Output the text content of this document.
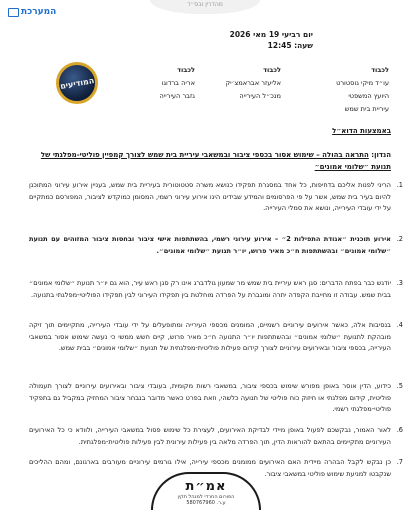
המערכת
מהדרין ובס״ד
יום רביעי 19 מאי 2026
שעה: 12:45
המודיעים
לכבוד
עו״ד מיקי גוסטורט
היועץ המשפטי
עיריית בית שמש
לכבוד
אליעזר אבראמצ׳יק
מנכ״ל העירייה
לכבוד
אריה ברדוגו
גזבר העירייה
באמצעות הדוא״ל
הנדון: התראה בהולה – שימוש אסור בכספי ציבור ובמשאבי עיריית בית שמש לצורך קמפיין פוליטי-מפלגתי של תנועת ״שלומי אמונים״
1.
הריני לפנות אליכם בדחיפות, כל אחד במסגרת תפקידו כנושא משרה סטטוטורית בעיריית בית שמש, בעניין אירוע עירוני המתוכנן להיום בעיר בית שמש, אשר על פי הפרסומים והמידע שבידינו הינו אירוע עירוני רשמי, המסומן כמוקדש לציבור, המפורסם כמתקיים על ידי עובדי העירייה, ונושא את סמלי העירייה.
2.
אירוע תוכנית ״אגודת התפילות 2״ – אירוע עירוני רשמי, בהשתתפות אישי ציבור ובחסות ציבור המזוהים עם תנועת ״שלומי אמונים״ ובהשתתפות ח״כ מאיר פרוש, יו״ר תנועת ״שלומי אמונים״.
3.
יודגש כבר בפתח הדברים: סגן ראש עיריית בית שמש מר שמעון גולדברג אינו רק סגן ראש עיר, הוא גם יו״ר תנועת ״שלומי אמונים״ בבית שמש. עבודה זו מחייבת הקפדה יתרה ומוגברת על הפרדה מוחלטת בין תפקידו העירוני לבין תפקידו הפוליטי-מפלגתי בתנועה.
4.
בנסיבות אלה, כאשר אירועים עירוניים רשמיים, המומנים מכספי העירייה ומתופעלים על ידי עובדי העירייה, מתקיימים תוך זיקה מובהקת לתנועת ״שלומי אמונים״ ובהשתתפות יו״ר התנועה ח״כ מאיר פרוש, קיים חשש ממשי כי נעשה שימוש אסור במשאבי העירייה, בכספי ציבור ובאירועים עירוניים לצורך קידום פעילות פוליטית-מפלגתית של תנועת ״שלומי אמונים״ בבית שמש.
5.
כידוע, הדין אוסר באופן מפורש שימוש בכספי ציבור, במשאבי רשות מקומית, בעובדי ציבור ובאירועים עירוניים לצורך תעמולה פוליטית, קידום מפלגתי או חיזוק כוח פוליטי של תנועה כלשהי, וזאת בפרט כאשר מדובר בנבחר ציבור המחזיק במקביל גם בתפקיד פוליטי-מפלגתי רשמי.
6.
לאור האמור, נבקשכם לפעול באופן מיידי לבדיקת האירועים, לעצירת כל שימוש פסול במשאבי העירייה, ולוודא כי כל האירועים העירוניים מתקיימים בהתאם להוראות הדין, תוך הפרדה מלאה בין פעילות עירונית לבין פעילות פוליטית-מפלגתית.
7.
כן נבקש לקבל הבהרה מיידית האם האירועים ממומנים מכספי עירייה, אילו גורמים עירוניים מעורבים בארגונם, ומהם ההליכים שנקבטו למניעת שימוש פוליטי במשאבי ציבור.
אמ״ת
הפורום החרדי למנהל תקין
ע.ר. 580767960
